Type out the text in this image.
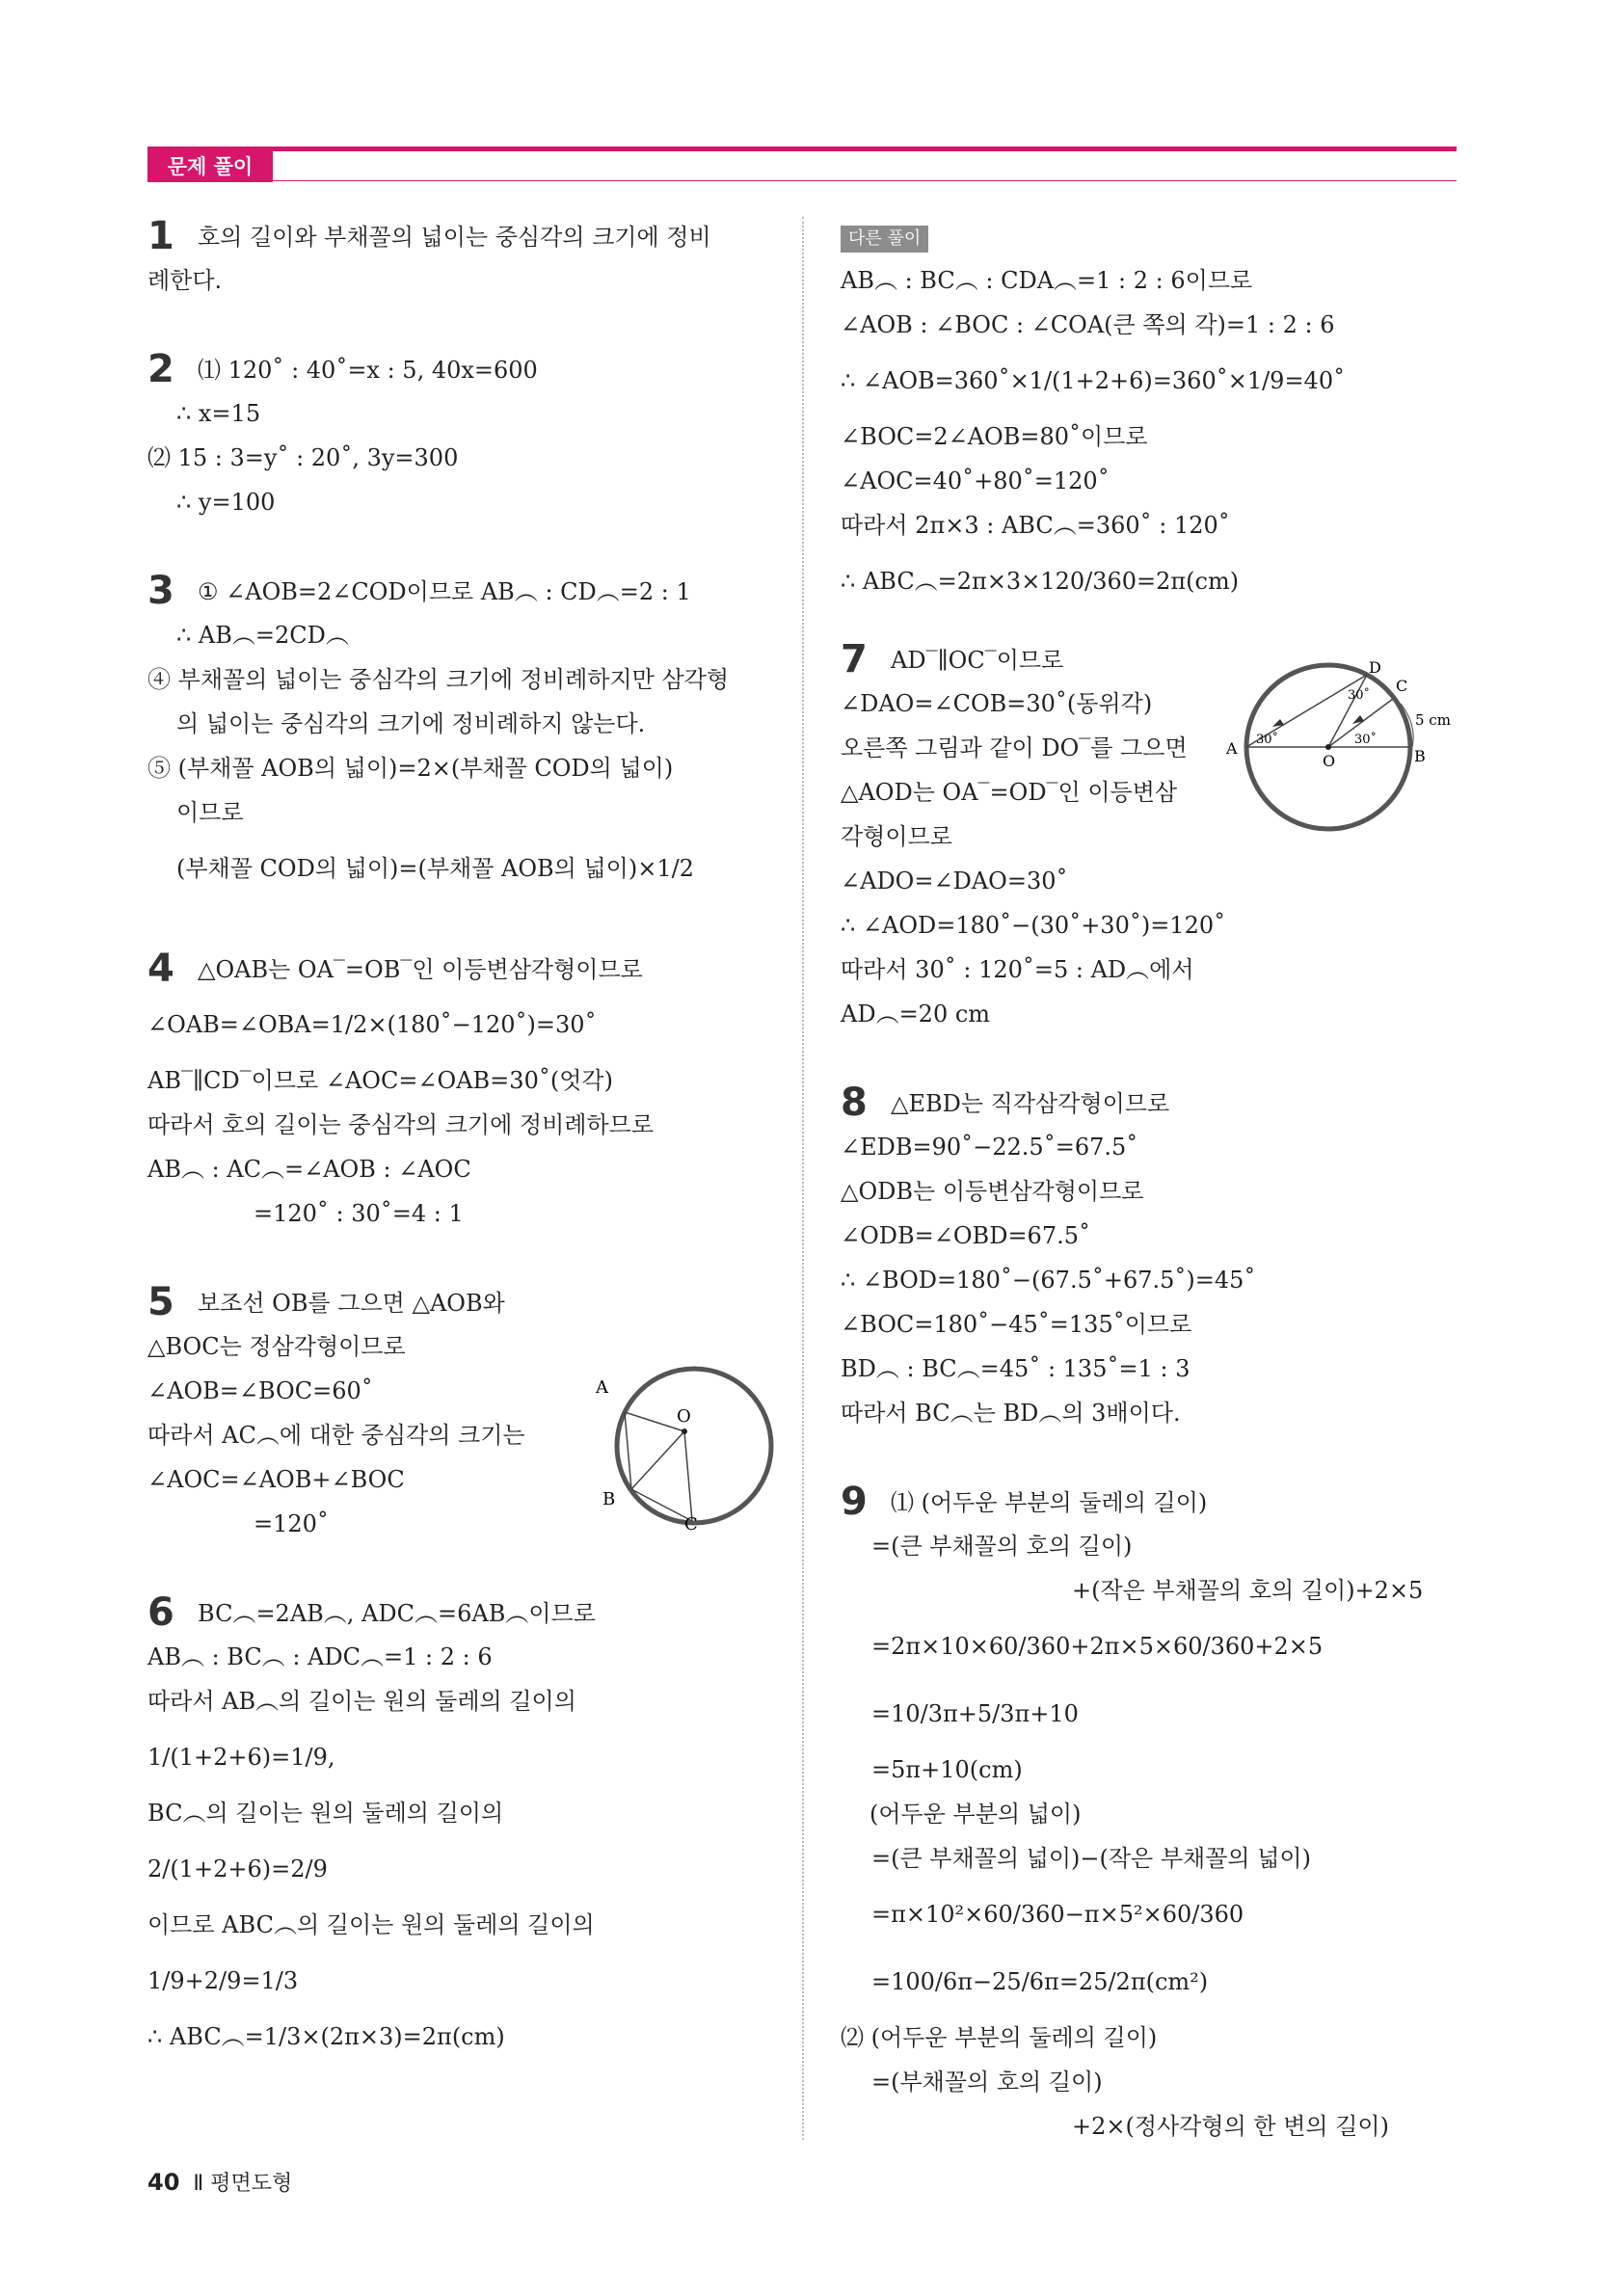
문제 풀이
1 호의 길이와 부채꼴의 넓이는 중심각의 크기에 정비
례한다.
2 ⑴ 120˚ : 40˚=x : 5, 40x=600
∴ x=15
⑵ 15 : 3=y˚ : 20˚, 3y=300
∴ y=100
3 ① ∠AOB=2∠COD이므로 AB︵ : CD︵=2 : 1
∴ AB︵=2CD︵
④ 부채꼴의 넓이는 중심각의 크기에 정비례하지만 삼각형
의 넓이는 중심각의 크기에 정비례하지 않는다.
⑤ (부채꼴 AOB의 넓이)=2×(부채꼴 COD의 넓이)
이므로
(부채꼴 COD의 넓이)=(부채꼴 AOB의 넓이)×1/2
4 △OAB는 OA‾=OB‾인 이등변삼각형이므로
∠OAB=∠OBA=1/2×(180˚−120˚)=30˚
AB‾∥CD‾이므로 ∠AOC=∠OAB=30˚(엇각)
따라서 호의 길이는 중심각의 크기에 정비례하므로
AB︵ : AC︵=∠AOB : ∠AOC
=120˚ : 30˚=4 : 1
5 보조선 OB를 그으면 △AOB와
△BOC는 정삼각형이므로
∠AOB=∠BOC=60˚
따라서 AC︵에 대한 중심각의 크기는
∠AOC=∠AOB+∠BOC
=120˚
6 BC︵=2AB︵, ADC︵=6AB︵이므로
AB︵ : BC︵ : ADC︵=1 : 2 : 6
따라서 AB︵의 길이는 원의 둘레의 길이의
1/(1+2+6)=1/9,
BC︵의 길이는 원의 둘레의 길이의
2/(1+2+6)=2/9
이므로 ABC︵의 길이는 원의 둘레의 길이의
1/9+2/9=1/3
∴ ABC︵=1/3×(2π×3)=2π(cm)
다른 풀이
AB︵ : BC︵ : CDA︵=1 : 2 : 6이므로
∠AOB : ∠BOC : ∠COA(큰 쪽의 각)=1 : 2 : 6
∴ ∠AOB=360˚×1/(1+2+6)=360˚×1/9=40˚
∠BOC=2∠AOB=80˚이므로
∠AOC=40˚+80˚=120˚
따라서 2π×3 : ABC︵=360˚ : 120˚
∴ ABC︵=2π×3×120/360=2π(cm)
7 AD‾∥OC‾이므로
∠DAO=∠COB=30˚(동위각)
오른쪽 그림과 같이 DO‾를 그으면
△AOD는 OA‾=OD‾인 이등변삼
각형이므로
∠ADO=∠DAO=30˚
∴ ∠AOD=180˚−(30˚+30˚)=120˚
따라서 30˚ : 120˚=5 : AD︵에서
AD︵=20 cm
8 △EBD는 직각삼각형이므로
∠EDB=90˚−22.5˚=67.5˚
△ODB는 이등변삼각형이므로
∠ODB=∠OBD=67.5˚
∴ ∠BOD=180˚−(67.5˚+67.5˚)=45˚
∠BOC=180˚−45˚=135˚이므로
BD︵ : BC︵=45˚ : 135˚=1 : 3
따라서 BC︵는 BD︵의 3배이다.
9 ⑴ (어두운 부분의 둘레의 길이)
=(큰 부채꼴의 호의 길이)
+(작은 부채꼴의 호의 길이)+2×5
=2π×10×60/360+2π×5×60/360+2×5
=10/3π+5/3π+10
=5π+10(cm)
(어두운 부분의 넓이)
=(큰 부채꼴의 넓이)−(작은 부채꼴의 넓이)
=π×10²×60/360−π×5²×60/360
=100/6π−25/6π=25/2π(cm²)
⑵ (어두운 부분의 둘레의 길이)
=(부채꼴의 호의 길이)
+2×(정사각형의 한 변의 길이)
A
O
B
C
A	B
C
D
O
30˚
30˚
30˚
5 cm
40 Ⅱ 평면도형
